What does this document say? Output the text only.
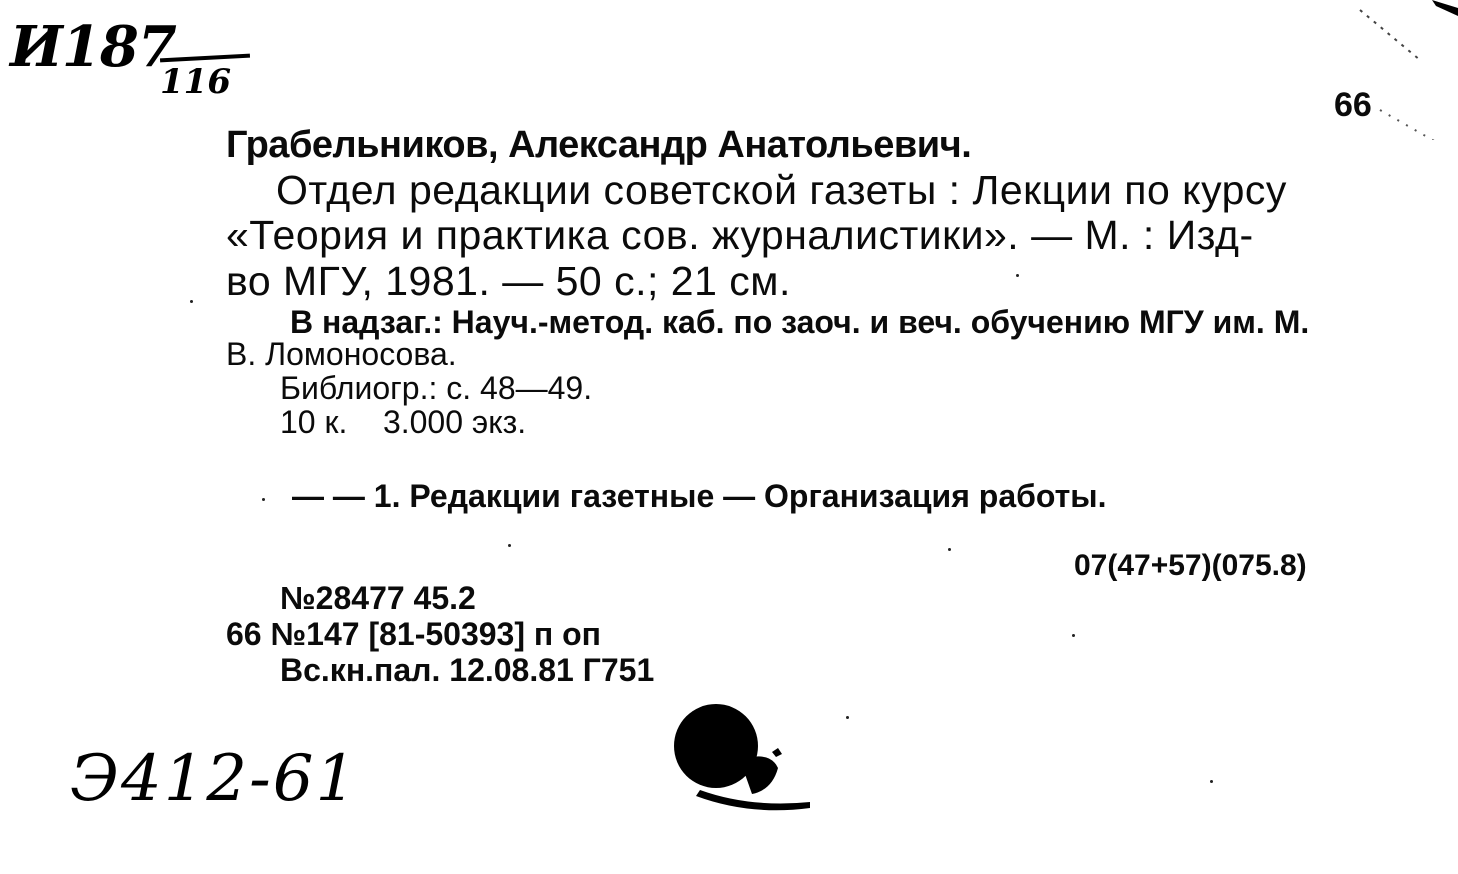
И187
116
66
Грабельников, Александр Анатольевич.
Отдел редакции советской газеты : Лекции по курсу
«Теория и практика сов. журналистики». — М. : Изд-
во МГУ, 1981. — 50 с.; 21 см.
В надзаг.: Науч.-метод. каб. по заоч. и веч. обучению МГУ им. М.
В. Ломоносова.
Библиогр.: с. 48—49.
10 к.    3.000 экз.
— — 1. Редакции газетные — Организация работы.
07(47+57)(075.8)
№28477 45.2
66 №147 [81-50393] п оп
Вс.кн.пал. 12.08.81 Г751
Э412-61
